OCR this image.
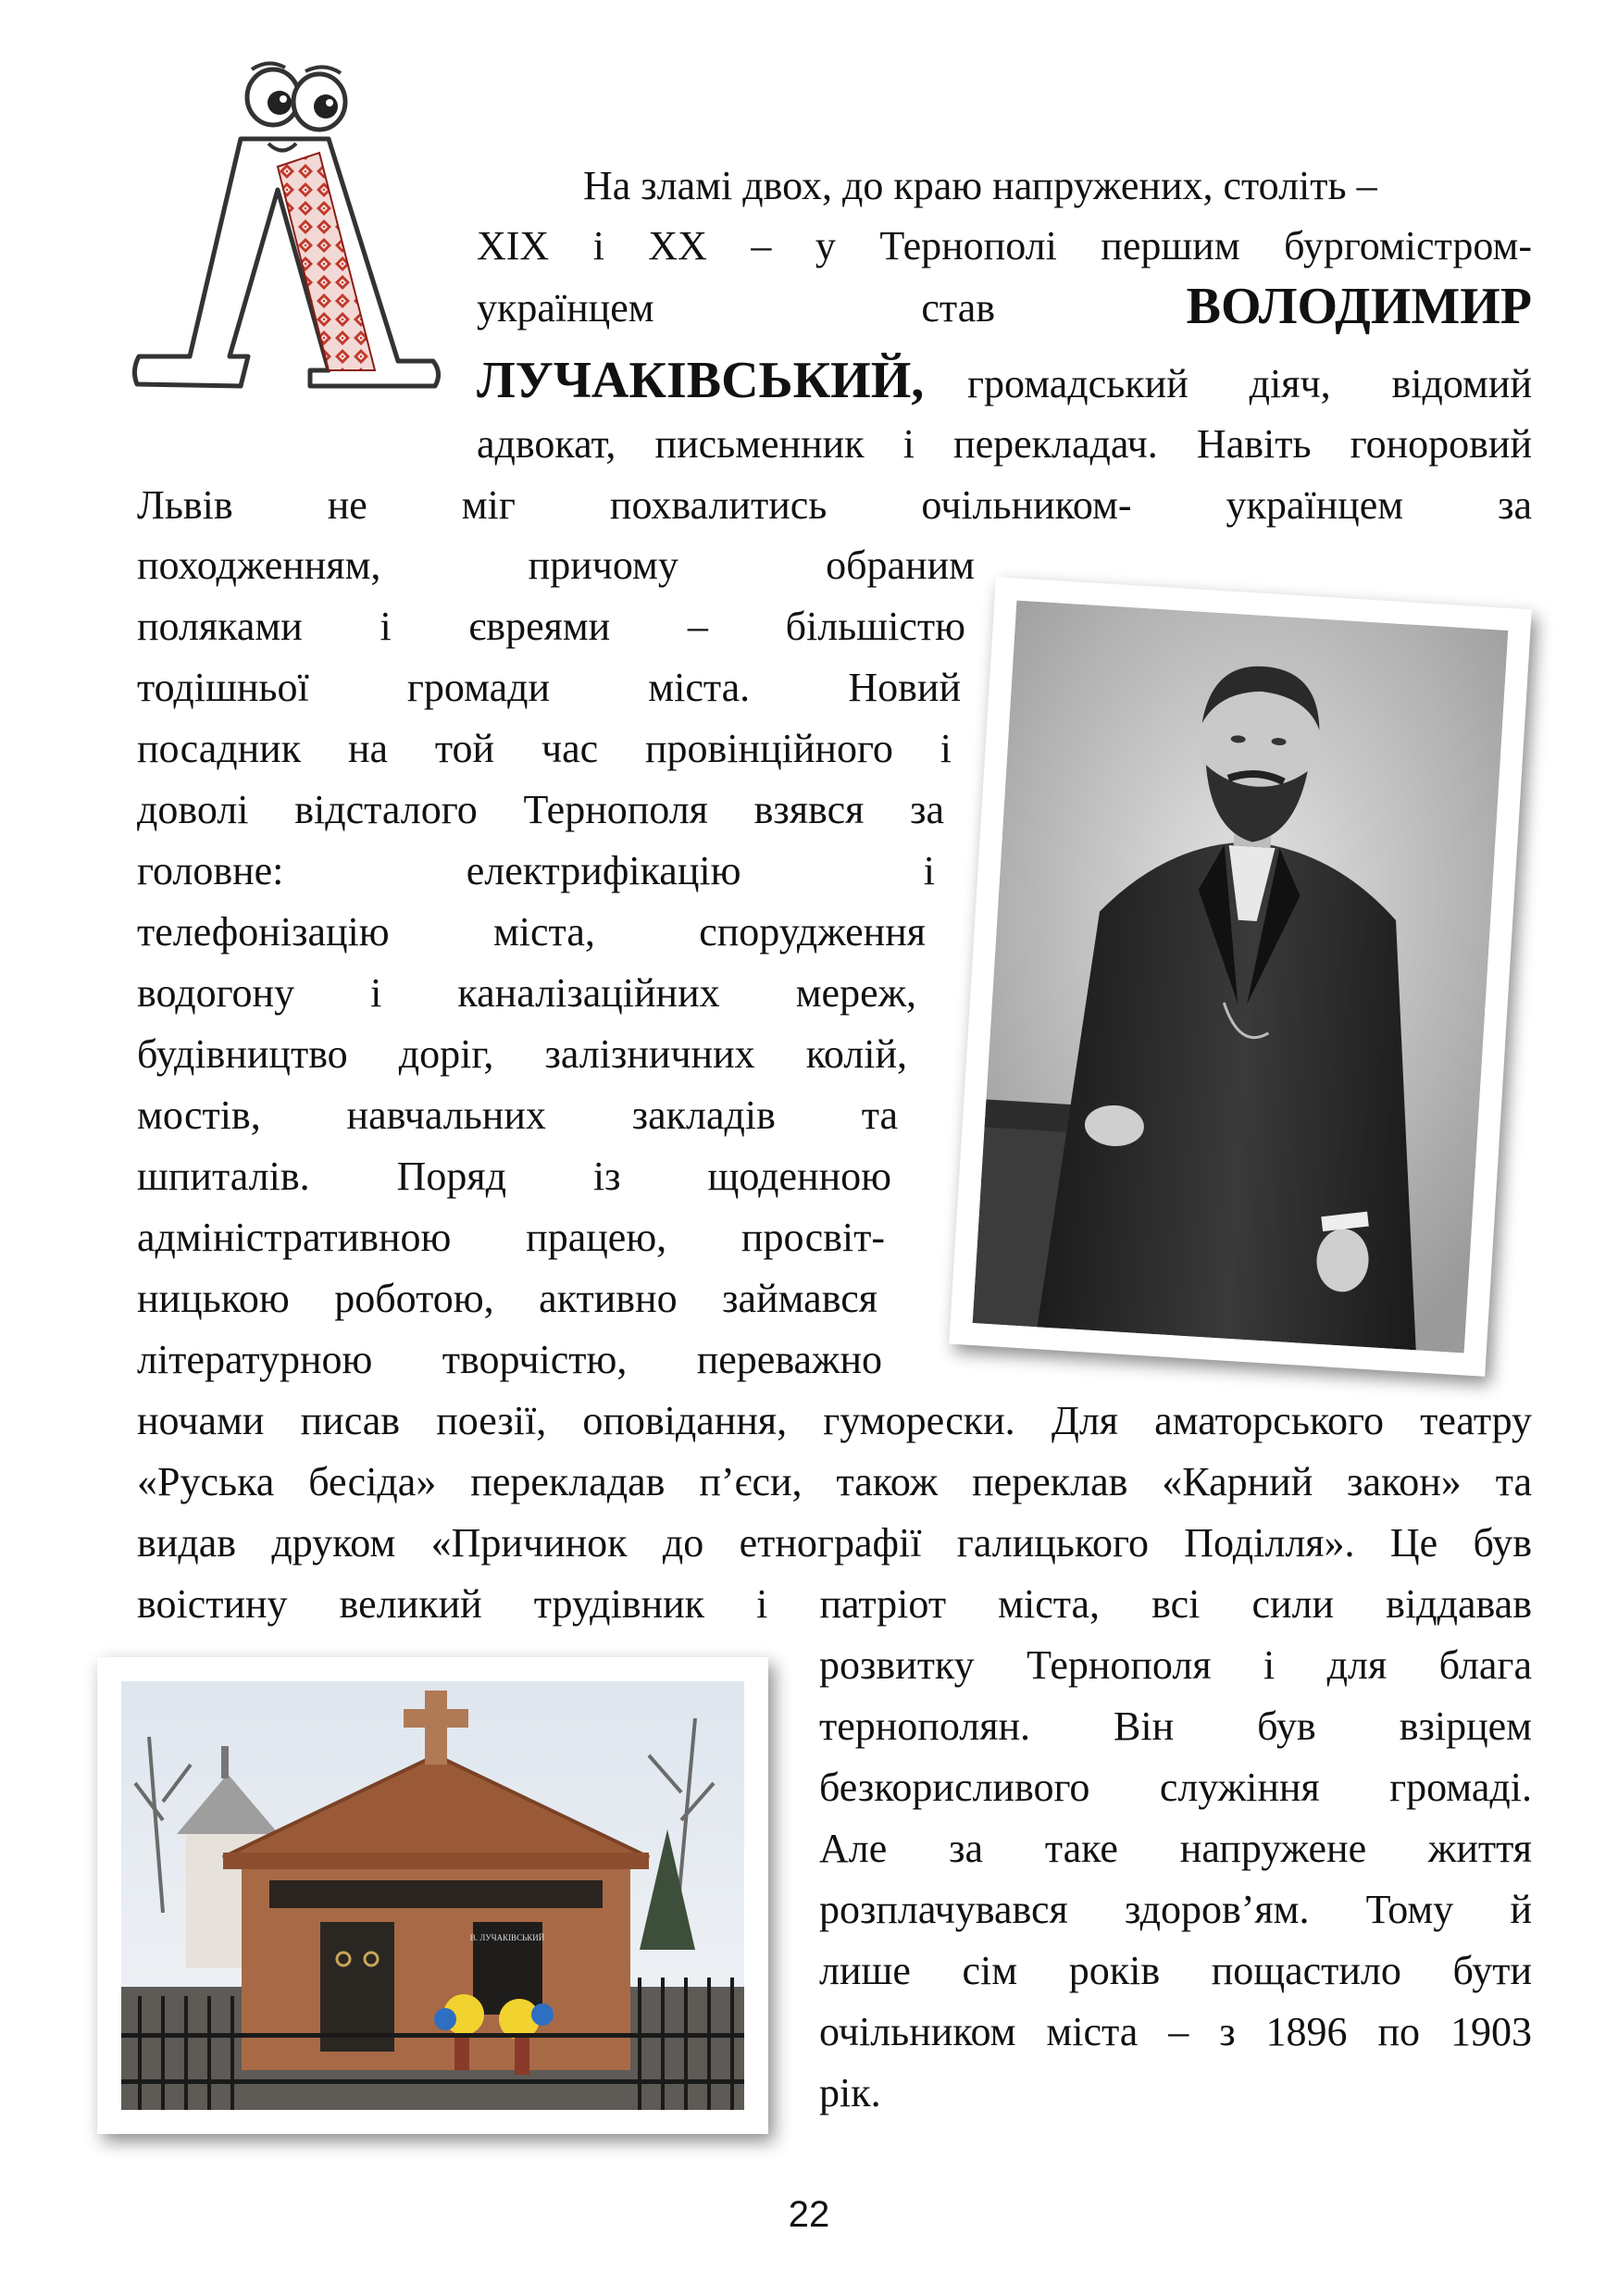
На зламі двох, до краю напружених, століть –
XIX і XX – у Тернополі першим бургомістром-
українцем став	ВОЛОДИМИР
ЛУЧАКІВСЬКИЙ,	громадський діяч, відомий
адвокат, письменник і перекладач. Навіть гоноровий
Львів не міг похвалитись очільником- українцем за
походженням, причому обраним
поляками і євреями – більшістю
тодішньої громади міста. Новий
посадник на той час провінційного і
доволі відсталого Тернополя взявся за
головне: електрифікацію і
телефонізацію міста, спорудження
водогону і каналізаційних мереж,
будівництво доріг, залізничних колій,
мостів, навчальних закладів та
шпиталів. Поряд із щоденною
адміністративною працею, просвіт-
ницькою роботою, активно займався
літературною творчістю, переважно
ночами писав поезії, оповідання, гуморески. Для аматорського театру
«Руська бесіда» перекладав п’єси, також переклав «Карний закон» та
видав друком «Причинок до етнографії галицького Поділля». Це був
воістину великий трудівник і патріот міста, всі сили віддавав
розвитку Тернополя і для блага
тернополян. Він був взірцем
безкорисливого служіння громаді.
Але за таке напружене життя
розплачувався здоров’ям. Тому й
лише сім років пощастило бути
очільником міста – з 1896 по 1903
рік.
В. ЛУЧАКІВСЬКИЙ
22
